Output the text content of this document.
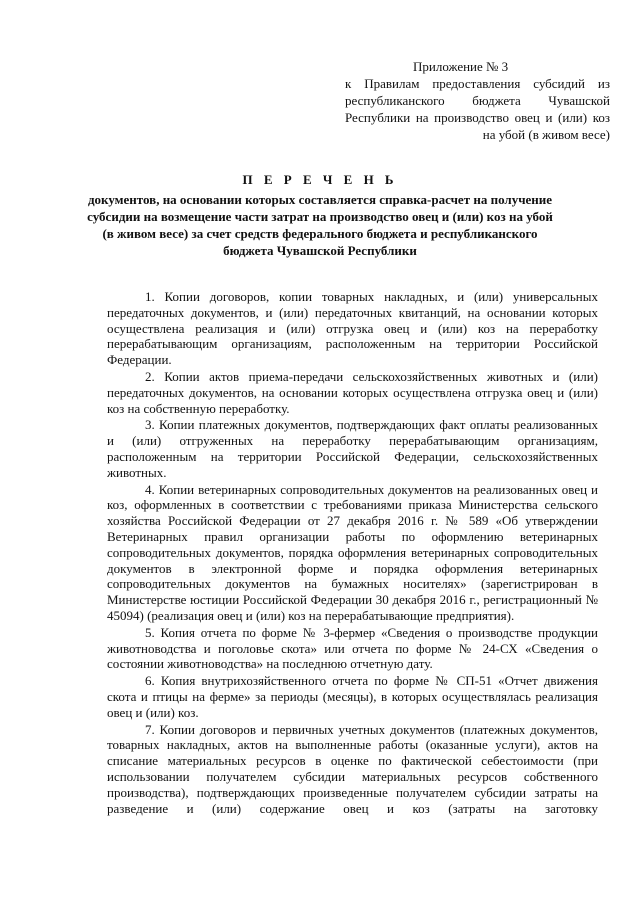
Приложение № 3
к Правилам предоставления субсидий из республиканского бюджета Чувашской Республики на производство овец и (или) коз на убой (в живом весе)
П Е Р Е Ч Е Н Ь
документов, на основании которых составляется справка-расчет на получение субсидии на возмещение части затрат на производство овец и (или) коз на убой (в живом весе) за счет средств федерального бюджета и республиканского бюджета Чувашской Республики

1. Копии договоров, копии товарных накладных, и (или) универсальных передаточных документов, и (или) передаточных квитанций, на основании которых осуществлена реализация и (или) отгрузка овец и (или) коз на переработку перерабатывающим организациям, расположенным на территории Российской Федерации.

2. Копии актов приема-передачи сельскохозяйственных животных и (или) передаточных документов, на основании которых осуществлена отгрузка овец и (или) коз на собственную переработку.

3. Копии платежных документов, подтверждающих факт оплаты реализованных и (или) отгруженных на переработку перерабатывающим организациям, расположенным на территории Российской Федерации, сельскохозяйственных животных.

4. Копии ветеринарных сопроводительных документов на реализованных овец и коз, оформленных в соответствии с требованиями приказа Министерства сельского хозяйства Российской Федерации от 27 декабря 2016 г. № 589 «Об утверждении Ветеринарных правил организации работы по оформлению ветеринарных сопроводительных документов, порядка оформления ветеринарных сопроводительных документов в электронной форме и порядка оформления ветеринарных сопроводительных документов на бумажных носителях» (зарегистрирован в Министерстве юстиции Российской Федерации 30 декабря 2016 г., регистрационный № 45094) (реализация овец и (или) коз на перерабатывающие предприятия).

5. Копия отчета по форме № 3-фермер «Сведения о производстве продукции животноводства и поголовье скота» или отчета по форме № 24-СХ «Сведения о состоянии животноводства» на последнюю отчетную дату.

6. Копия внутрихозяйственного отчета по форме № СП-51 «Отчет движения скота и птицы на ферме» за периоды (месяцы), в которых осуществлялась реализация овец и (или) коз.

7. Копии договоров и первичных учетных документов (платежных документов, товарных накладных, актов на выполненные работы (оказанные услуги), актов на списание материальных ресурсов в оценке по фактической себестоимости (при использовании получателем субсидии материальных ресурсов собственного производства), подтверждающих произведенные получателем субсидии затраты на разведение и (или) содержание овец и коз (затраты на заготовку
